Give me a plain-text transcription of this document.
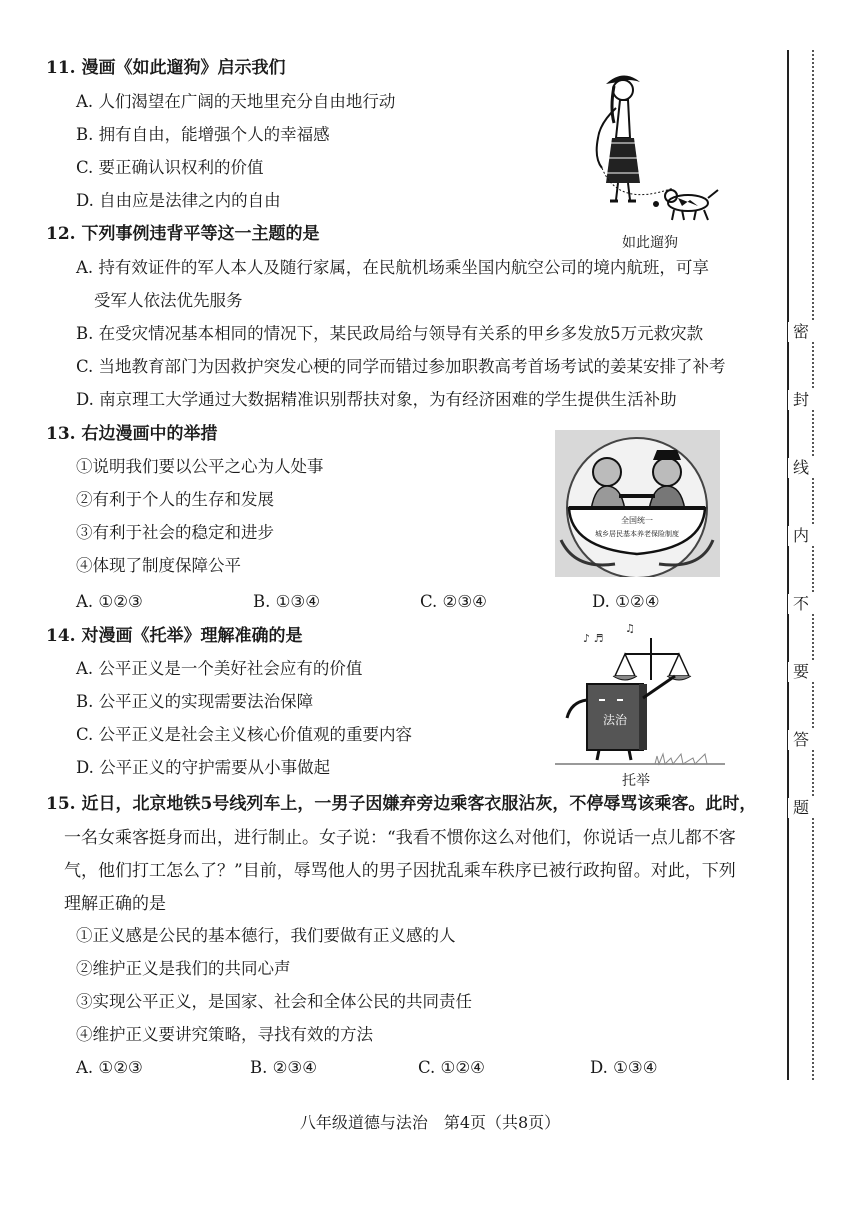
11. 漫画《如此遛狗》启示我们
A. 人们渴望在广阔的天地里充分自由地行动
B. 拥有自由，能增强个人的幸福感
C. 要正确认识权利的价值
D. 自由应是法律之内的自由
如此遛狗
12. 下列事例违背平等这一主题的是
A. 持有效证件的军人本人及随行家属，在民航机场乘坐国内航空公司的境内航班，可享
受军人依法优先服务
B. 在受灾情况基本相同的情况下，某民政局给与领导有关系的甲乡多发放5万元救灾款
C. 当地教育部门为因救护突发心梗的同学而错过参加职教高考首场考试的姜某安排了补考
D. 南京理工大学通过大数据精准识别帮扶对象，为有经济困难的学生提供生活补助
13. 右边漫画中的举措
①说明我们要以公平之心为人处事
②有利于个人的生存和发展
③有利于社会的稳定和进步
④体现了制度保障公平
A. ①②③	B. ①③④	C. ②③④	D. ①②④
全国统一
城乡居民基本养老保险制度
14. 对漫画《托举》理解准确的是
A. 公平正义是一个美好社会应有的价值
B. 公平正义的实现需要法治保障
C. 公平正义是社会主义核心价值观的重要内容
D. 公平正义的守护需要从小事做起
♪ ♬
♫
法治
托举
15. 近日，北京地铁5号线列车上，一男子因嫌弃旁边乘客衣服沾灰，不停辱骂该乘客。此时，
一名女乘客挺身而出，进行制止。女子说：“我看不惯你这么对他们，你说话一点儿都不客
气，他们打工怎么了？”目前，辱骂他人的男子因扰乱乘车秩序已被行政拘留。对此，下列
理解正确的是
①正义感是公民的基本德行，我们要做有正义感的人
②维护正义是我们的共同心声
③实现公平正义，是国家、社会和全体公民的共同责任
④维护正义要讲究策略，寻找有效的方法
A. ①②③	B. ②③④	C. ①②④	D. ①③④
密
封
线
内
不
要
答
题
八年级道德与法治　第4页（共8页）
